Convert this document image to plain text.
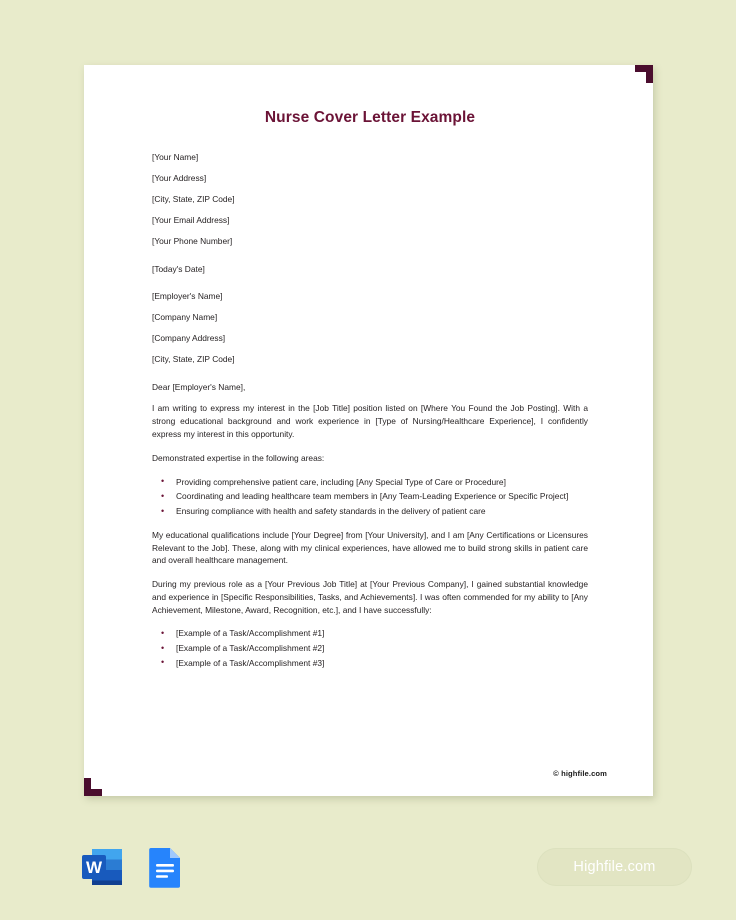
Nurse Cover Letter Example

[Your Name]

[Your Address]

[City, State, ZIP Code]

[Your Email Address]

[Your Phone Number]

[Today's Date]

[Employer's Name]

[Company Name]

[Company Address]

[City, State, ZIP Code]

Dear [Employer's Name],

I am writing to express my interest in the [Job Title] position listed on [Where You Found the Job Posting]. With a strong educational background and work experience in [Type of Nursing/Healthcare Experience], I confidently express my interest in this opportunity.

Demonstrated expertise in the following areas:

• Providing comprehensive patient care, including [Any Special Type of Care or Procedure]
• Coordinating and leading healthcare team members in [Any Team-Leading Experience or Specific Project]
• Ensuring compliance with health and safety standards in the delivery of patient care

My educational qualifications include [Your Degree] from [Your University], and I am [Any Certifications or Licensures Relevant to the Job]. These, along with my clinical experiences, have allowed me to build strong skills in patient care and overall healthcare management.

During my previous role as a [Your Previous Job Title] at [Your Previous Company], I gained substantial knowledge and experience in [Specific Responsibilities, Tasks, and Achievements]. I was often commended for my ability to [Any Achievement, Milestone, Award, Recognition, etc.], and I have successfully:

• [Example of a Task/Accomplishment #1]
• [Example of a Task/Accomplishment #2]
• [Example of a Task/Accomplishment #3]
© highfile.com
W	Highfile.com
